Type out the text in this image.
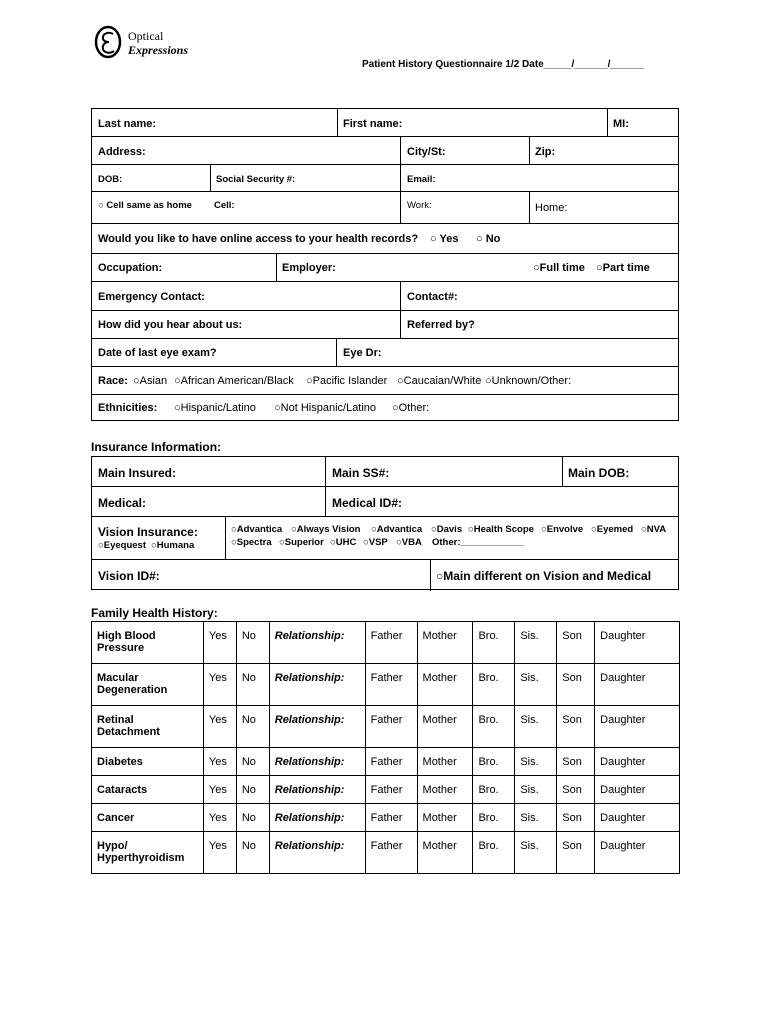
Optical
Expressions
Patient History Questionnaire 1/2 Date_____/______/______
Last name:	First name:	MI:
Address:	City/St:	Zip:
DOB:	Social Security #:	Email:
○ Cell same as home Cell:	Work:	Home:
Would you like to have online access to your health records? ○ Yes ○ No
Occupation:	Employer:	○Full time ○Part time
Emergency Contact:	Contact#:
How did you hear about us:	Referred by?
Date of last eye exam?	Eye Dr:
Race: ○Asian ○African American/Black ○Pacific Islander ○Caucaian/White ○Unknown/Other:
Ethnicities: ○Hispanic/Latino ○Not Hispanic/Latino ○Other:
Insurance Information:
Main Insured:	Main SS#:	Main DOB:
Medical:	Medical ID#:
Vision Insurance:
○Eyequest ○Humana
○Advantica ○Always Vision ○Advantica ○Davis ○Health Scope ○Envolve ○Eyemed ○NVA
○Spectra ○Superior ○UHC ○VSP ○VBA Other:____________
Vision ID#:	○Main different on Vision and Medical
Family Health History:
High Blood
Pressure	Yes	No	Relationship:	Father	Mother	Bro.	Sis.	Son	Daughter
Macular
Degeneration	Yes	No	Relationship:	Father	Mother	Bro.	Sis.	Son	Daughter
Retinal
Detachment	Yes	No	Relationship:	Father	Mother	Bro.	Sis.	Son	Daughter
Diabetes	Yes	No	Relationship:	Father	Mother	Bro.	Sis.	Son	Daughter
Cataracts	Yes	No	Relationship:	Father	Mother	Bro.	Sis.	Son	Daughter
Cancer	Yes	No	Relationship:	Father	Mother	Bro.	Sis.	Son	Daughter
Hypo/
Hyperthyroidism	Yes	No	Relationship:	Father	Mother	Bro.	Sis.	Son	Daughter
